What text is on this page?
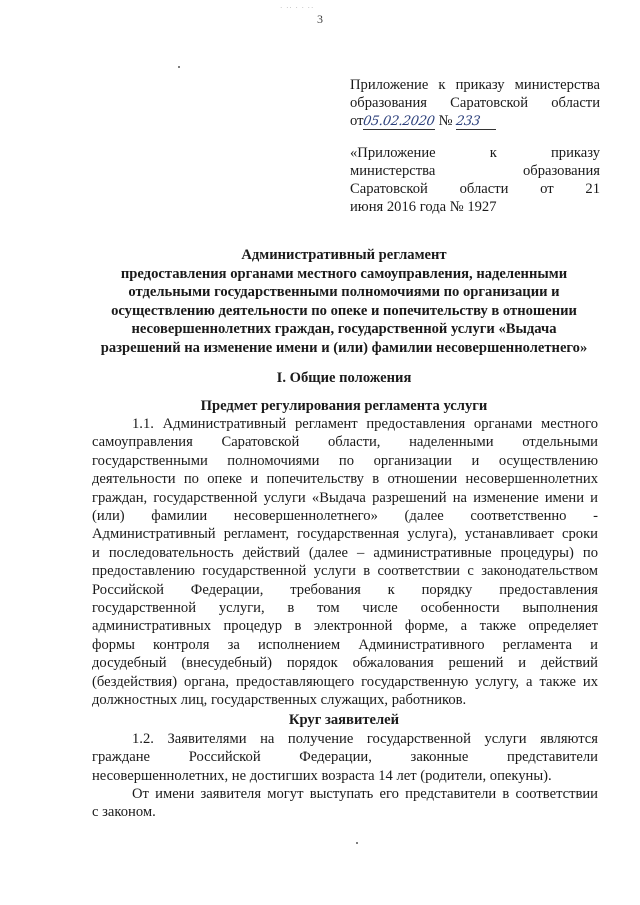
· ·· · · ··
3
Приложение к приказу министерства
образования Саратовской области
от05.02.2020 № 233
«Приложение к приказу
министерства образования
Саратовской области от 21
июня 2016 года № 1927
Административный регламент
предоставления органами местного самоуправления, наделенными
отдельными государственными полномочиями по организации и
осуществлению деятельности по опеке и попечительству в отношении
несовершеннолетних граждан, государственной услуги «Выдача
разрешений на изменение имени и (или) фамилии несовершеннолетнего»
I. Общие положения
Предмет регулирования регламента услуги
1.1. Административный регламент предоставления органами местного
самоуправления Саратовской области, наделенными отдельными
государственными полномочиями по организации и осуществлению
деятельности по опеке и попечительству в отношении несовершеннолетних
граждан, государственной услуги «Выдача разрешений на изменение имени и
(или) фамилии несовершеннолетнего» (далее соответственно -
Административный регламент, государственная услуга), устанавливает сроки
и последовательность действий (далее – административные процедуры) по
предоставлению государственной услуги в соответствии с законодательством
Российской Федерации, требования к порядку предоставления
государственной услуги, в том числе особенности выполнения
административных процедур в электронной форме, а также определяет
формы контроля за исполнением Административного регламента и
досудебный (внесудебный) порядок обжалования решений и действий
(бездействия) органа, предоставляющего государственную услугу, а также их
должностных лиц, государственных служащих, работников.
Круг заявителей
1.2. Заявителями на получение государственной услуги являются
граждане Российской Федерации, законные представители
несовершеннолетних, не достигших возраста 14 лет (родители, опекуны).
От имени заявителя могут выступать его представители в соответствии
с законом.
